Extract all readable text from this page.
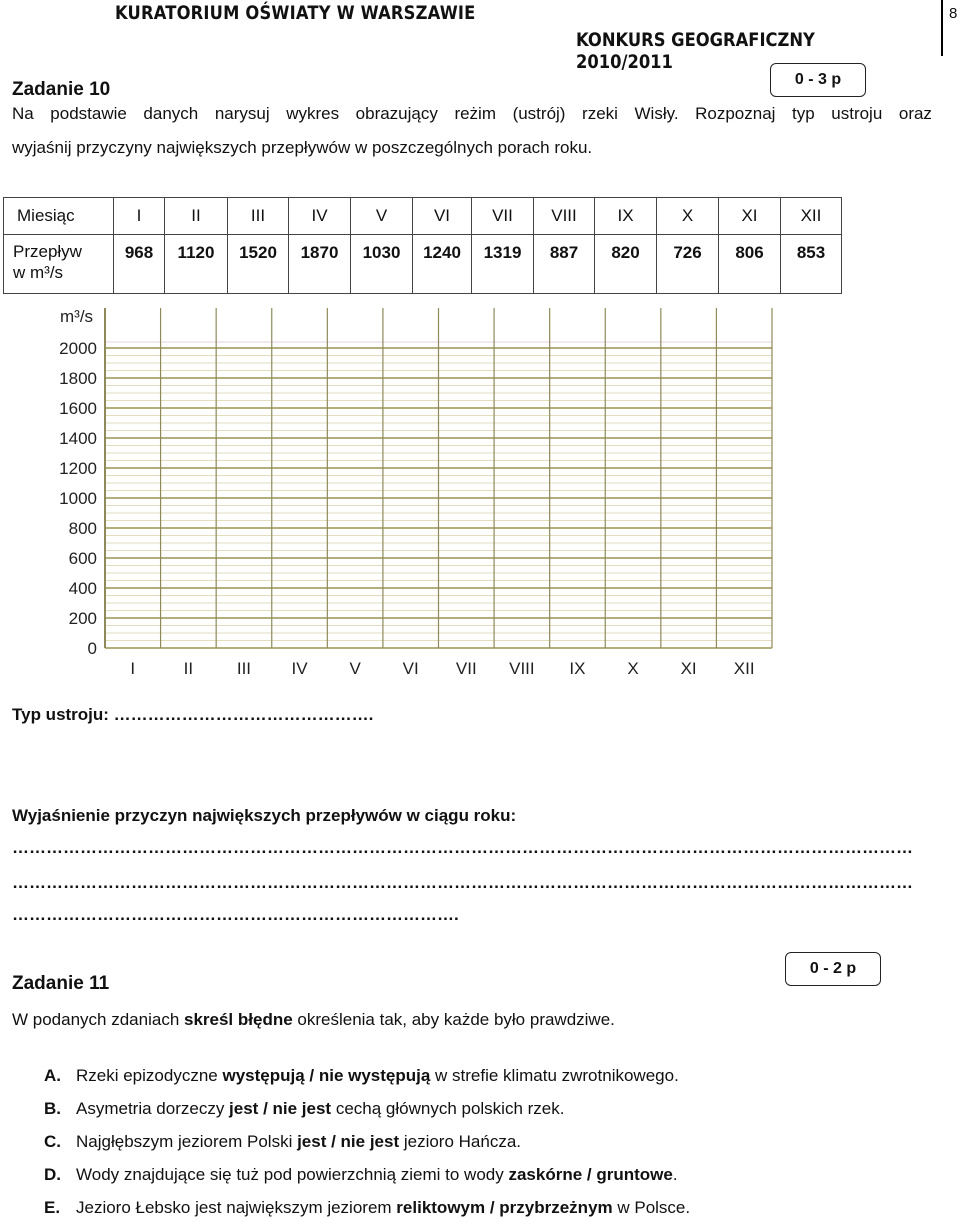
KURATORIUM OŚWIATY W WARSZAWIE
KONKURS GEOGRAFICZNY 2010/2011
8
Zadanie 10	0 - 3 p
Na podstawie danych narysuj wykres obrazujący reżim (ustrój) rzeki Wisły. Rozpoznaj typ ustroju oraz
wyjaśnij przyczyny największych przepływów w poszczególnych porach roku.
Miesiąc	I	II	III	IV	V	VI	VII	VIII	IX	X	XI	XII
Przepływ
w m³/s	968	1120	1520	1870	1030	1240	1319	887	820	726	806	853
m³/s
0
200
400
600
800
1000
1200
1400
1600
1800
2000
I	II	III IV V VI VII VIII IX X XI XII
Typ ustroju: ……………………………………….
Wyjaśnienie przyczyn największych przepływów w ciągu roku:
……………………………………………………………………………………………………………………………………………
……………………………………………………………………………………………………………………………………………
…………………………………………………………………….
Zadanie 11
0 - 2 p
W podanych zdaniach skreśl błędne określenia tak, aby każde było prawdziwe.
A. Rzeki epizodyczne występują / nie występują w strefie klimatu zwrotnikowego.
B. Asymetria dorzeczy jest / nie jest cechą głównych polskich rzek.
C. Najgłębszym jeziorem Polski jest / nie jest jezioro Hańcza.
D. Wody znajdujące się tuż pod powierzchnią ziemi to wody zaskórne / gruntowe.
E. Jezioro Łebsko jest największym jeziorem reliktowym / przybrzeżnym w Polsce.
